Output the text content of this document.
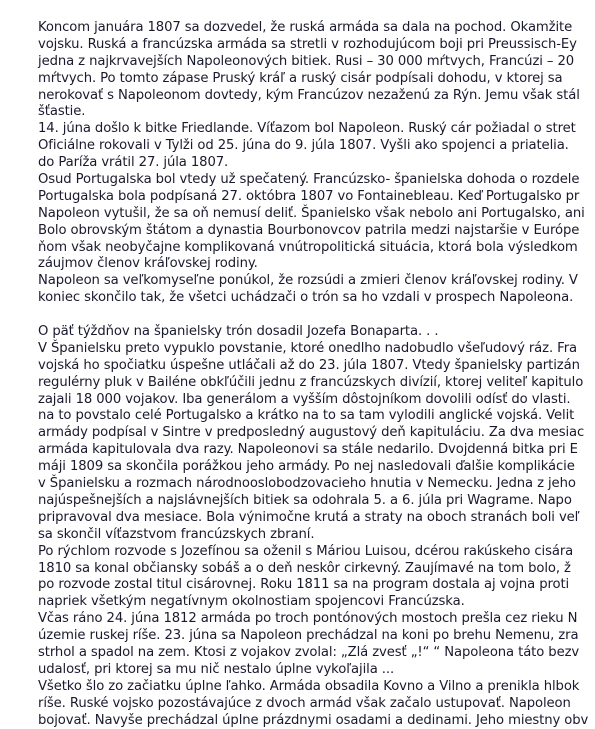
Koncom januára 1807 sa dozvedel, že ruská armáda sa dala na pochod. Okamžite
vojsku. Ruská a francúzska armáda sa stretli v rozhodujúcom boji pri Preussisch-Ey
jedna z najkrvavejších Napoleonových bitiek. Rusi – 30 000 mŕtvych, Francúzi – 20
mŕtvych. Po tomto zápase Pruský kráľ a ruský cisár podpísali dohodu, v ktorej sa
nerokovať s Napoleonom dovtedy, kým Francúzov nezaženú za Rýn. Jemu však stál
šťastie.
14. júna došlo k bitke Friedlande. Víťazom bol Napoleon. Ruský cár požiadal o stret
Oficiálne rokovali v Tylži od 25. júna do 9. júla 1807. Vyšli ako spojenci a priatelia.
do Paríža vrátil 27. júla 1807.
Osud Portugalska bol vtedy už spečatený. Francúzsko- španielska dohoda o rozdele
Portugalska bola podpísaná 27. októbra 1807 vo Fontainebleau. Keď Portugalsko pr
Napoleon vytušil, že sa oň nemusí deliť. Španielsko však nebolo ani Portugalsko, ani
Bolo obrovským štátom a dynastia Bourbonovcov patrila medzi najstaršie v Európe
ňom však neobyčajne komplikovaná vnútropolitická situácia, ktorá bola výsledkom
záujmov členov kráľovskej rodiny.
Napoleon sa veľkomyseľne ponúkol, že rozsúdi a zmieri členov kráľovskej rodiny. V
koniec skončilo tak, že všetci uchádzači o trón sa ho vzdali v prospech Napoleona.
O päť týždňov na španielsky trón dosadil Jozefa Bonaparta. . .
V Španielsku preto vypuklo povstanie, ktoré onedlho nadobudlo všeľudový ráz. Fra
vojská ho spočiatku úspešne utláčali až do 23. júla 1807. Vtedy španielsky partizán
regulérny pluk v Bailéne obkľúčili jednu z francúzskych divízií, ktorej veliteľ kapitulo
zajali 18 000 vojakov. Iba generálom a vyšším dôstojníkom dovolili odísť do vlasti.
na to povstalo celé Portugalsko a krátko na to sa tam vylodili anglické vojská. Velit
armády podpísal v Sintre v predposledný augustový deň kapituláciu. Za dva mesiac
armáda kapitulovala dva razy. Napoleonovi sa stále nedarilo. Dvojdenná bitka pri E
máji 1809 sa skončila porážkou jeho armády. Po nej nasledovali ďalšie komplikácie
v Španielsku a rozmach národnooslobodzovacieho hnutia v Nemecku. Jedna z jeho
najúspešnejších a najslávnejších bitiek sa odohrala 5. a 6. júla pri Wagrame. Napo
pripravoval dva mesiace. Bola výnimočne krutá a straty na oboch stranách boli veľ
sa skončil víťazstvom francúzskych zbraní.
Po rýchlom rozvode s Jozefínou sa oženil s Máriou Luisou, dcérou rakúskeho cisára
1810 sa konal občiansky sobáš a o deň neskôr cirkevný. Zaujímavé na tom bolo, ž
po rozvode zostal titul cisárovnej. Roku 1811 sa na program dostala aj vojna proti
napriek všetkým negatívnym okolnostiam spojencovi Francúzska.
Včas ráno 24. júna 1812 armáda po troch pontónových mostoch prešla cez rieku N
územie ruskej ríše. 23. júna sa Napoleon prechádzal na koni po brehu Nemenu, zra
strhol a spadol na zem. Ktosi z vojakov zvolal: „Zlá zvesť „!“ “ Napoleona táto bezv
udalosť, pri ktorej sa mu nič nestalo úplne vykoľajila ...
Všetko šlo zo začiatku úplne ľahko. Armáda obsadila Kovno a Vilno a prenikla hlbok
ríše. Ruské vojsko pozostávajúce z dvoch armád však začalo ustupovať. Napoleon
bojovať. Navyše prechádzal úplne prázdnymi osadami a dedinami. Jeho miestny obv
